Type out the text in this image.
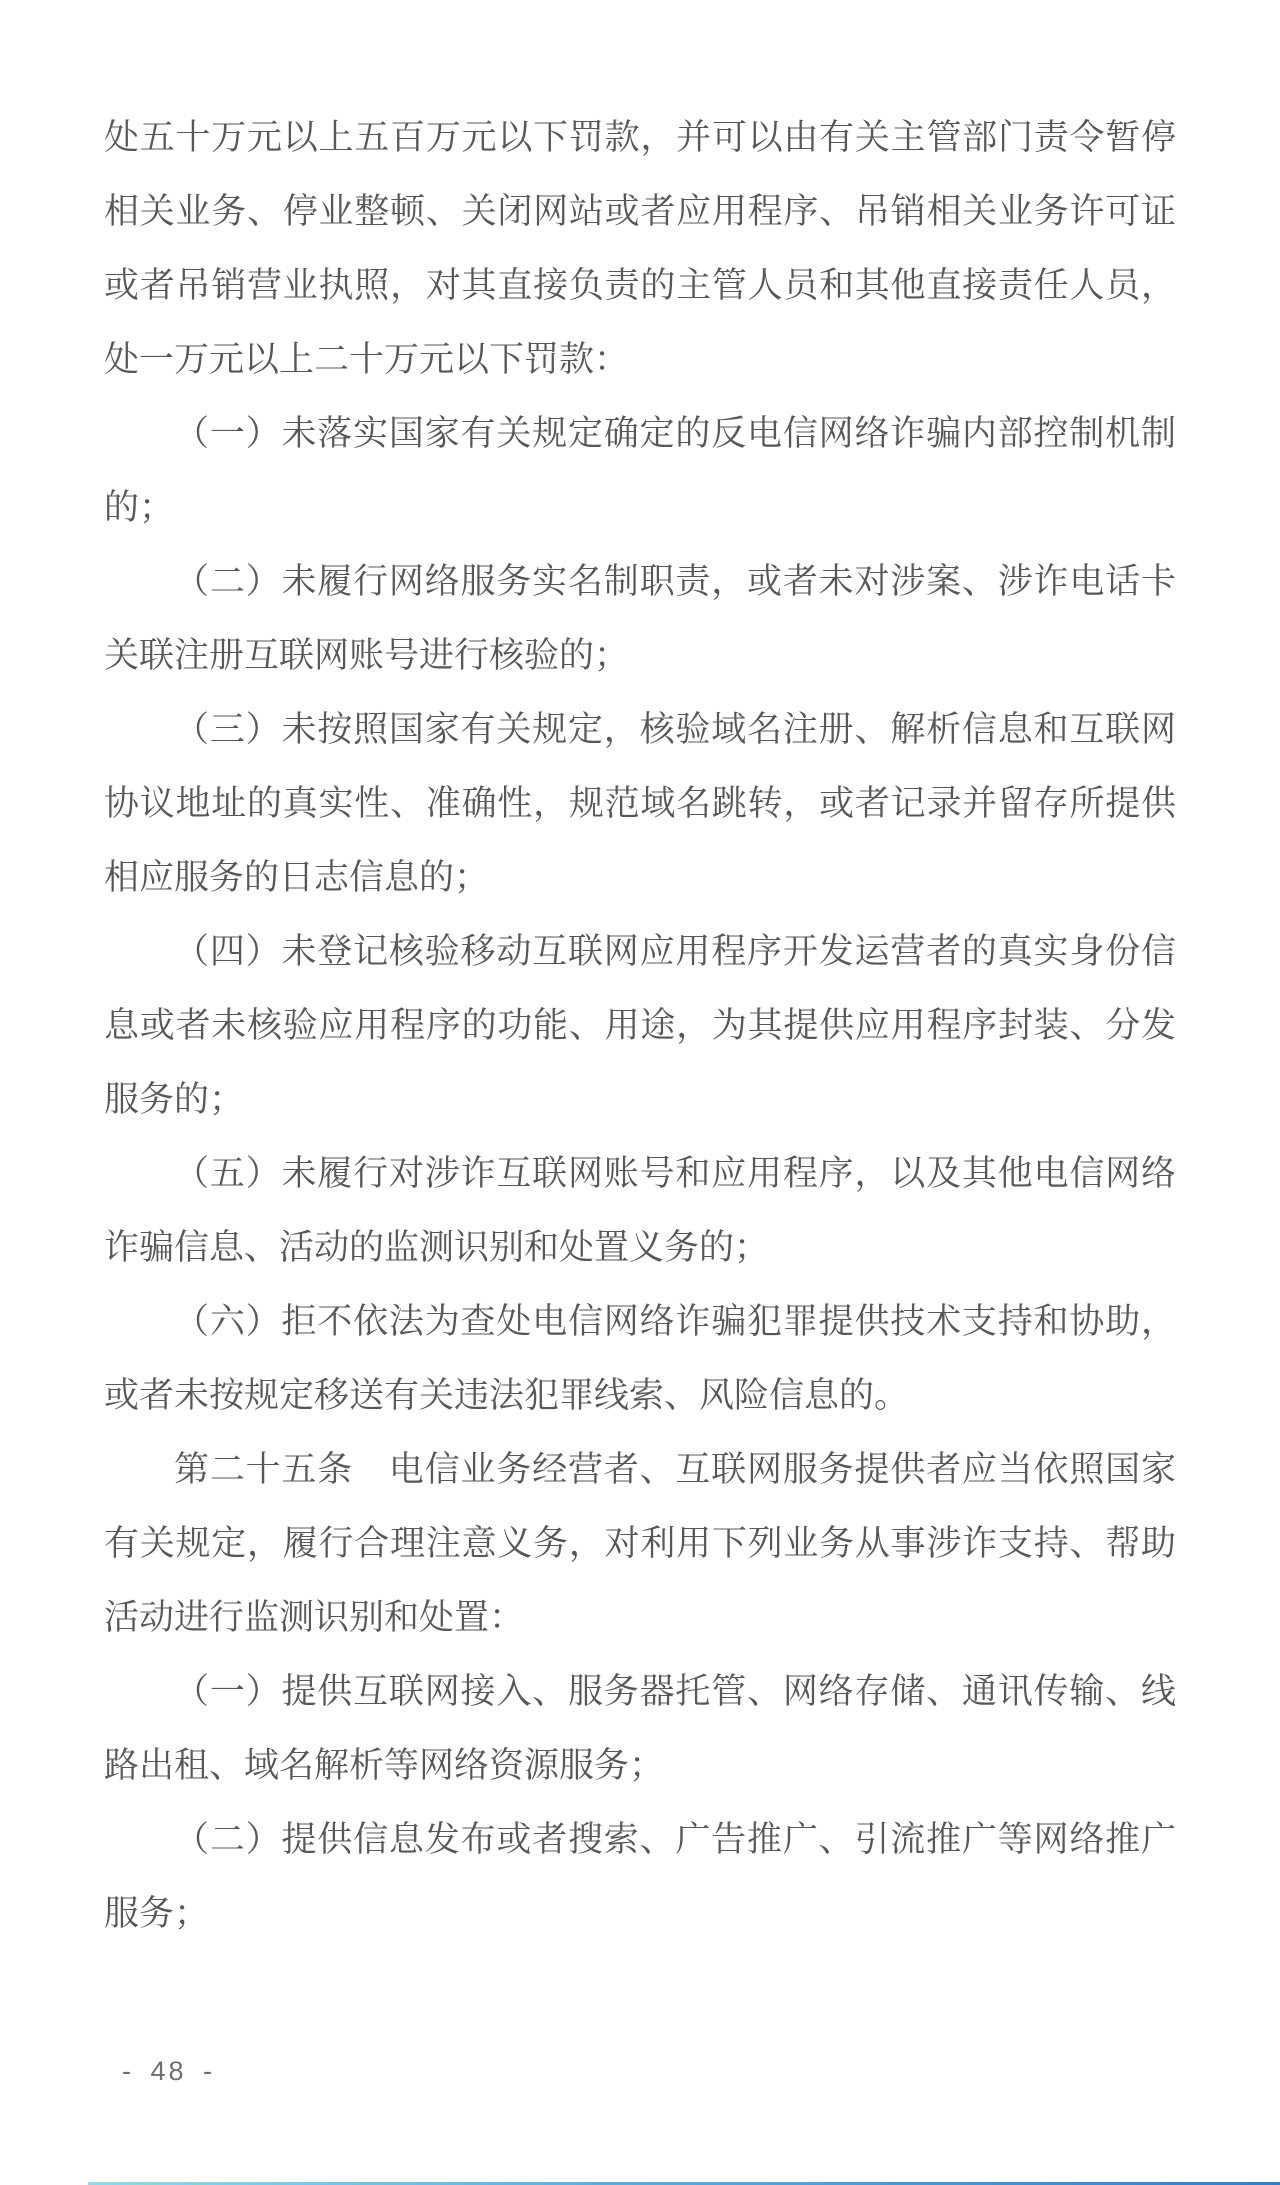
处五十万元以上五百万元以下罚款，并可以由有关主管部门责令暂停
相关业务、停业整顿、关闭网站或者应用程序、吊销相关业务许可证
或者吊销营业执照，对其直接负责的主管人员和其他直接责任人员，
处一万元以上二十万元以下罚款：
（一）未落实国家有关规定确定的反电信网络诈骗内部控制机制
的；
（二）未履行网络服务实名制职责，或者未对涉案、涉诈电话卡
关联注册互联网账号进行核验的；
（三）未按照国家有关规定，核验域名注册、解析信息和互联网
协议地址的真实性、准确性，规范域名跳转，或者记录并留存所提供
相应服务的日志信息的；
（四）未登记核验移动互联网应用程序开发运营者的真实身份信
息或者未核验应用程序的功能、用途，为其提供应用程序封装、分发
服务的；
（五）未履行对涉诈互联网账号和应用程序，以及其他电信网络
诈骗信息、活动的监测识别和处置义务的；
（六）拒不依法为查处电信网络诈骗犯罪提供技术支持和协助，
或者未按规定移送有关违法犯罪线索、风险信息的。
第二十五条　电信业务经营者、互联网服务提供者应当依照国家
有关规定，履行合理注意义务，对利用下列业务从事涉诈支持、帮助
活动进行监测识别和处置：
（一）提供互联网接入、服务器托管、网络存储、通讯传输、线
路出租、域名解析等网络资源服务；
（二）提供信息发布或者搜索、广告推广、引流推广等网络推广
服务；
- 48 -
